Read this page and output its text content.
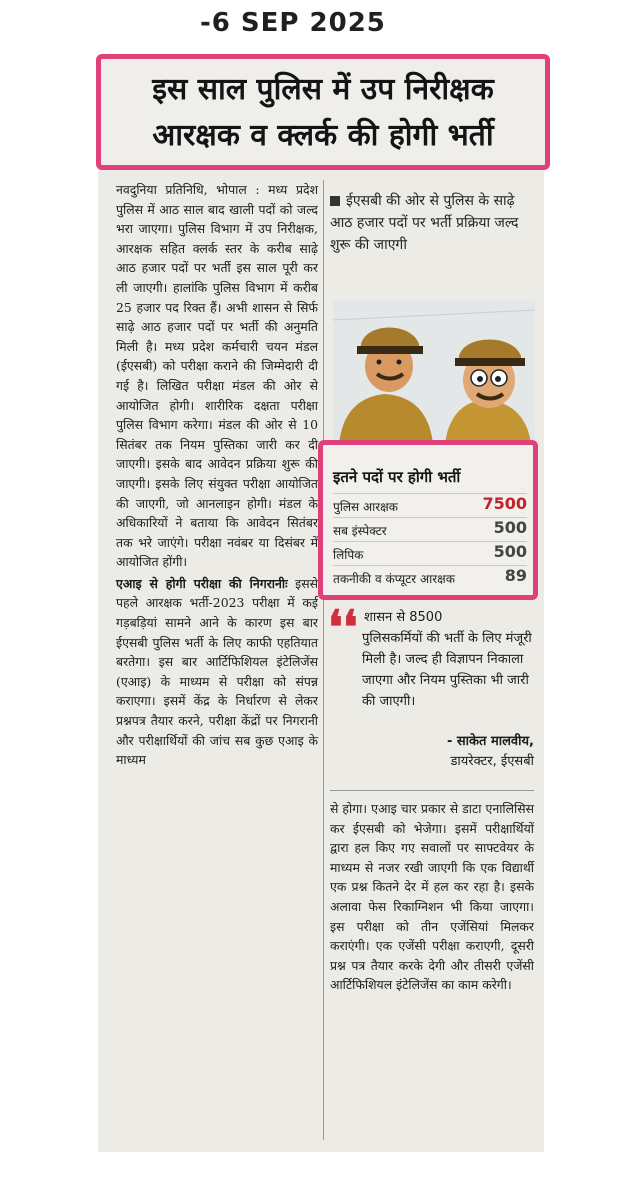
-6 SEP 2025
इस साल पुलिस में उप निरीक्षक
आरक्षक व क्लर्क की होगी भर्ती

नवदुनिया प्रतिनिधि, भोपाल : मध्य प्रदेश पुलिस में आठ साल बाद खाली पदों को जल्द भरा जाएगा। पुलिस विभाग में उप निरीक्षक, आरक्षक सहित क्लर्क स्तर के करीब साढ़े आठ हजार पदों पर भर्ती इस साल पूरी कर ली जाएगी। हालांकि पुलिस विभाग में करीब 25 हजार पद रिक्त हैं। अभी शासन से सिर्फ साढ़े आठ हजार पदों पर भर्ती की अनुमति मिली है। मध्य प्रदेश कर्मचारी चयन मंडल (ईएसबी) को परीक्षा कराने की जिम्मेदारी दी गई है। लिखित परीक्षा मंडल की ओर से आयोजित होगी। शारीरिक दक्षता परीक्षा पुलिस विभाग करेगा। मंडल की ओर से 10 सितंबर तक नियम पुस्तिका जारी कर दी जाएगी। इसके बाद आवेदन प्रक्रिया शुरू की जाएगी। इसके लिए संयुक्त परीक्षा आयोजित की जाएगी, जो आनलाइन होगी। मंडल के अधिकारियों ने बताया कि आवेदन सितंबर तक भरे जाएंगे। परीक्षा नवंबर या दिसंबर में आयोजित होंगी।

एआइ से होगी परीक्षा की निगरानीः इससे पहले आरक्षक भर्ती-2023 परीक्षा में कई गड़बड़ियां सामने आने के कारण इस बार ईएसबी पुलिस भर्ती के लिए काफी एहतियात बरतेगा। इस बार आर्टिफिशियल इंटेलिजेंस (एआइ) के माध्यम से परीक्षा को संपन्न कराएगा। इसमें केंद्र के निर्धारण से लेकर प्रश्नपत्र तैयार करने, परीक्षा केंद्रों पर निगरानी और परीक्षार्थियों की जांच सब कुछ एआइ के माध्यम

ईएसबी की ओर से पुलिस के साढ़े आठ हजार पदों पर भर्ती प्रक्रिया जल्द शुरू की जाएगी

इतने पदों पर होगी भर्ती
पुलिस आरक्षक	7500
सब इंस्पेक्टर	500
लिपिक	500
तकनीकी व कंप्यूटर आरक्षक	89
❛❛ शासन से 8500

पुलिसकर्मियों की भर्ती के लिए मंजूरी मिली है। जल्द ही विज्ञापन निकाला जाएगा और नियम पुस्तिका भी जारी की जाएगी।

- साकेत मालवीय,
डायरेक्टर, ईएसबी

से होगा। एआइ चार प्रकार से डाटा एनालिसिस कर ईएसबी को भेजेगा। इसमें परीक्षार्थियों द्वारा हल किए गए सवालों पर साफ्टवेयर के माध्यम से नजर रखी जाएगी कि एक विद्यार्थी एक प्रश्न कितने देर में हल कर रहा है। इसके अलावा फेस रिकाग्निशन भी किया जाएगा। इस परीक्षा को तीन एजेंसियां मिलकर कराएंगी। एक एजेंसी परीक्षा कराएगी, दूसरी प्रश्न पत्र तैयार करके देगी और तीसरी एजेंसी आर्टिफिशियल इंटेलिजेंस का काम करेगी।
